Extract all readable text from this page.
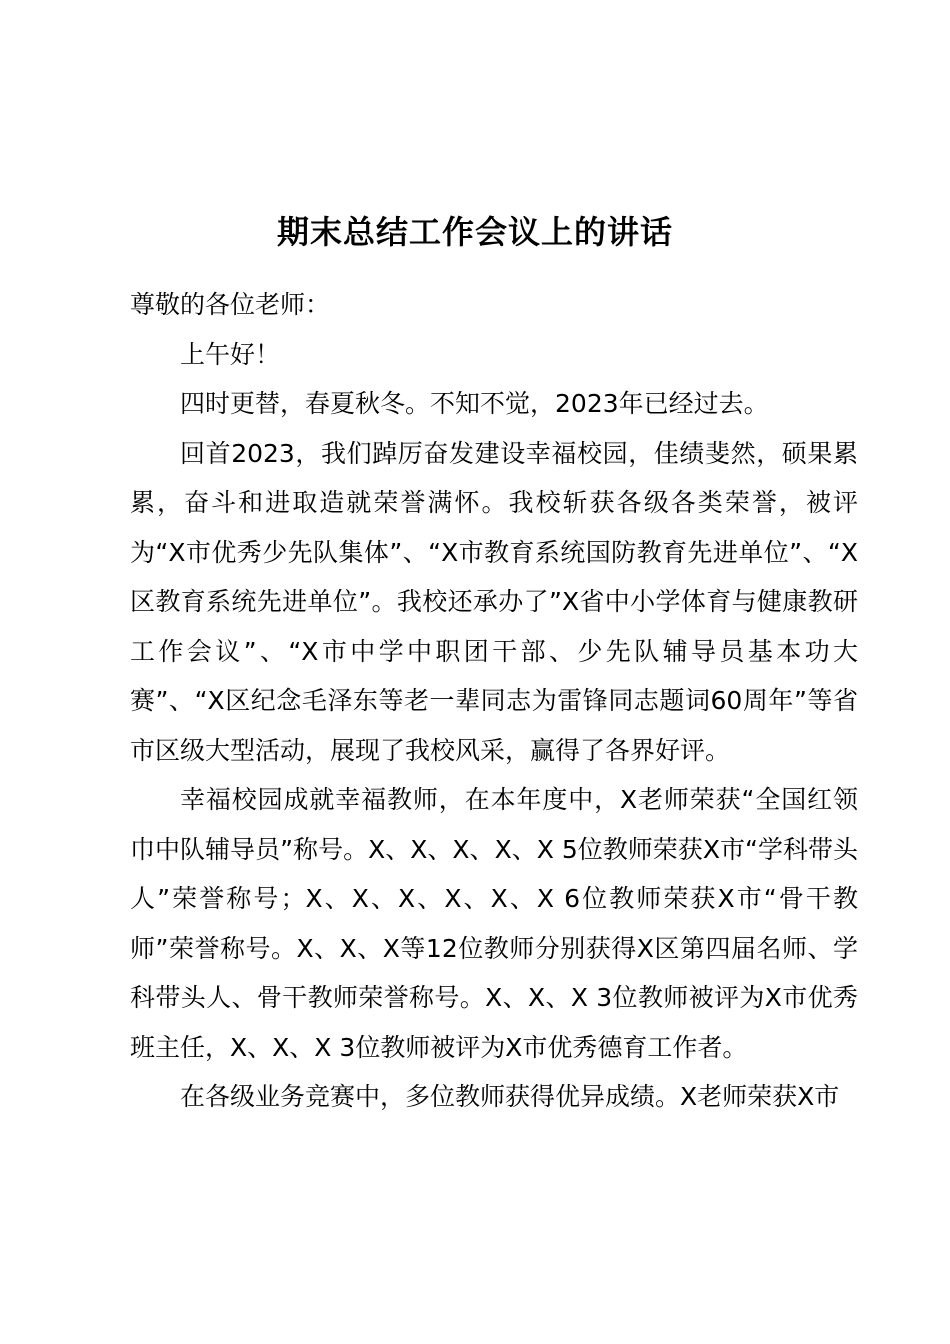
期末总结工作会议上的讲话

尊敬的各位老师：

上午好！

四时更替，春夏秋冬。不知不觉，2023年已经过去。

回首2023，我们踔厉奋发建设幸福校园，佳绩斐然，硕果累累，奋斗和进取造就荣誉满怀。我校斩获各级各类荣誉，被评为“X市优秀少先队集体”、“X市教育系统国防教育先进单位”、“X区教育系统先进单位”。我校还承办了”X省中小学体育与健康教研工作会议”、“X市中学中职团干部、少先队辅导员基本功大赛”、“X区纪念毛泽东等老一辈同志为雷锋同志题词60周年”等省市区级大型活动，展现了我校风采，赢得了各界好评。

幸福校园成就幸福教师，在本年度中，X老师荣获“全国红领巾中队辅导员”称号。X、X、X、X、X 5位教师荣获X市“学科带头人”荣誉称号；X、X、X、X、X、X 6位教师荣获X市“骨干教师”荣誉称号。X、X、X等12位教师分别获得X区第四届名师、学科带头人、骨干教师荣誉称号。X、X、X 3位教师被评为X市优秀班主任，X、X、X 3位教师被评为X市优秀德育工作者。

在各级业务竞赛中，多位教师获得优异成绩。X老师荣获X市
